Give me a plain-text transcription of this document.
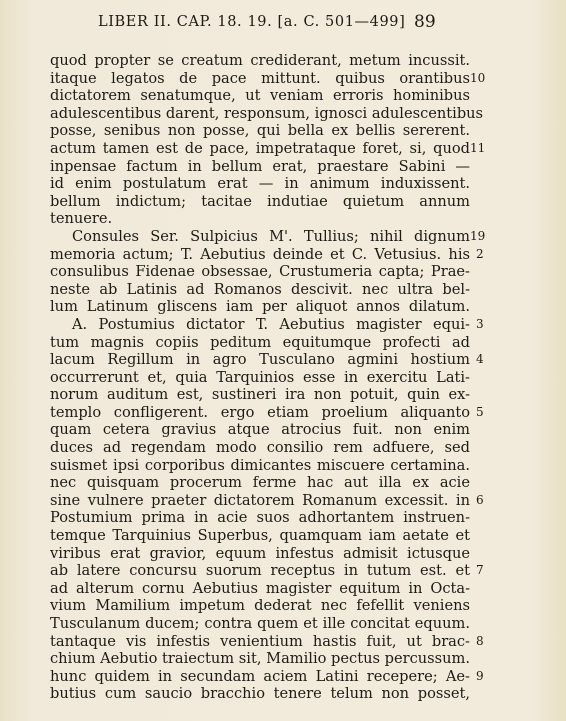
LIBER II. CAP. 18. 19. [a. C. 501—499] 89
quod propter se creatum crediderant, metum incussit.
itaque legatos de pace mittunt. quibus orantibus 10
dictatorem senatumque, ut veniam erroris hominibus
adulescentibus darent, responsum, ignosci adulescentibus
posse, senibus non posse, qui bella ex bellis sererent.
actum tamen est de pace, impetrataque foret, si, quod 11
inpensae factum in bellum erat, praestare Sabini —
id enim postulatum erat — in animum induxissent.
bellum indictum; tacitae indutiae quietum annum
tenuere.
Consules Ser. Sulpicius M'. Tullius; nihil dignum 19
memoria actum; T. Aebutius deinde et C. Vetusius. his 2
consulibus Fidenae obsessae, Crustumeria capta; Prae-
neste ab Latinis ad Romanos descivit. nec ultra bel-
lum Latinum gliscens iam per aliquot annos dilatum.
A. Postumius dictator T. Aebutius magister equi- 3
tum magnis copiis peditum equitumque profecti ad
lacum Regillum in agro Tusculano agmini hostium 4
occurrerunt et, quia Tarquinios esse in exercitu Lati-
norum auditum est, sustineri ira non potuit, quin ex-
templo confligerent. ergo etiam proelium aliquanto 5
quam cetera gravius atque atrocius fuit. non enim
duces ad regendam modo consilio rem adfuere, sed
suismet ipsi corporibus dimicantes miscuere certamina.
nec quisquam procerum ferme hac aut illa ex acie
sine vulnere praeter dictatorem Romanum excessit. in 6
Postumium prima in acie suos adhortantem instruen-
temque Tarquinius Superbus, quamquam iam aetate et
viribus erat gravior, equum infestus admisit ictusque
ab latere concursu suorum receptus in tutum est. et 7
ad alterum cornu Aebutius magister equitum in Octa-
vium Mamilium impetum dederat nec fefellit veniens
Tusculanum ducem; contra quem et ille concitat equum.
tantaque vis infestis venientium hastis fuit, ut brac- 8
chium Aebutio traiectum sit, Mamilio pectus percussum.
hunc quidem in secundam aciem Latini recepere; Ae- 9
butius cum saucio bracchio tenere telum non posset,
